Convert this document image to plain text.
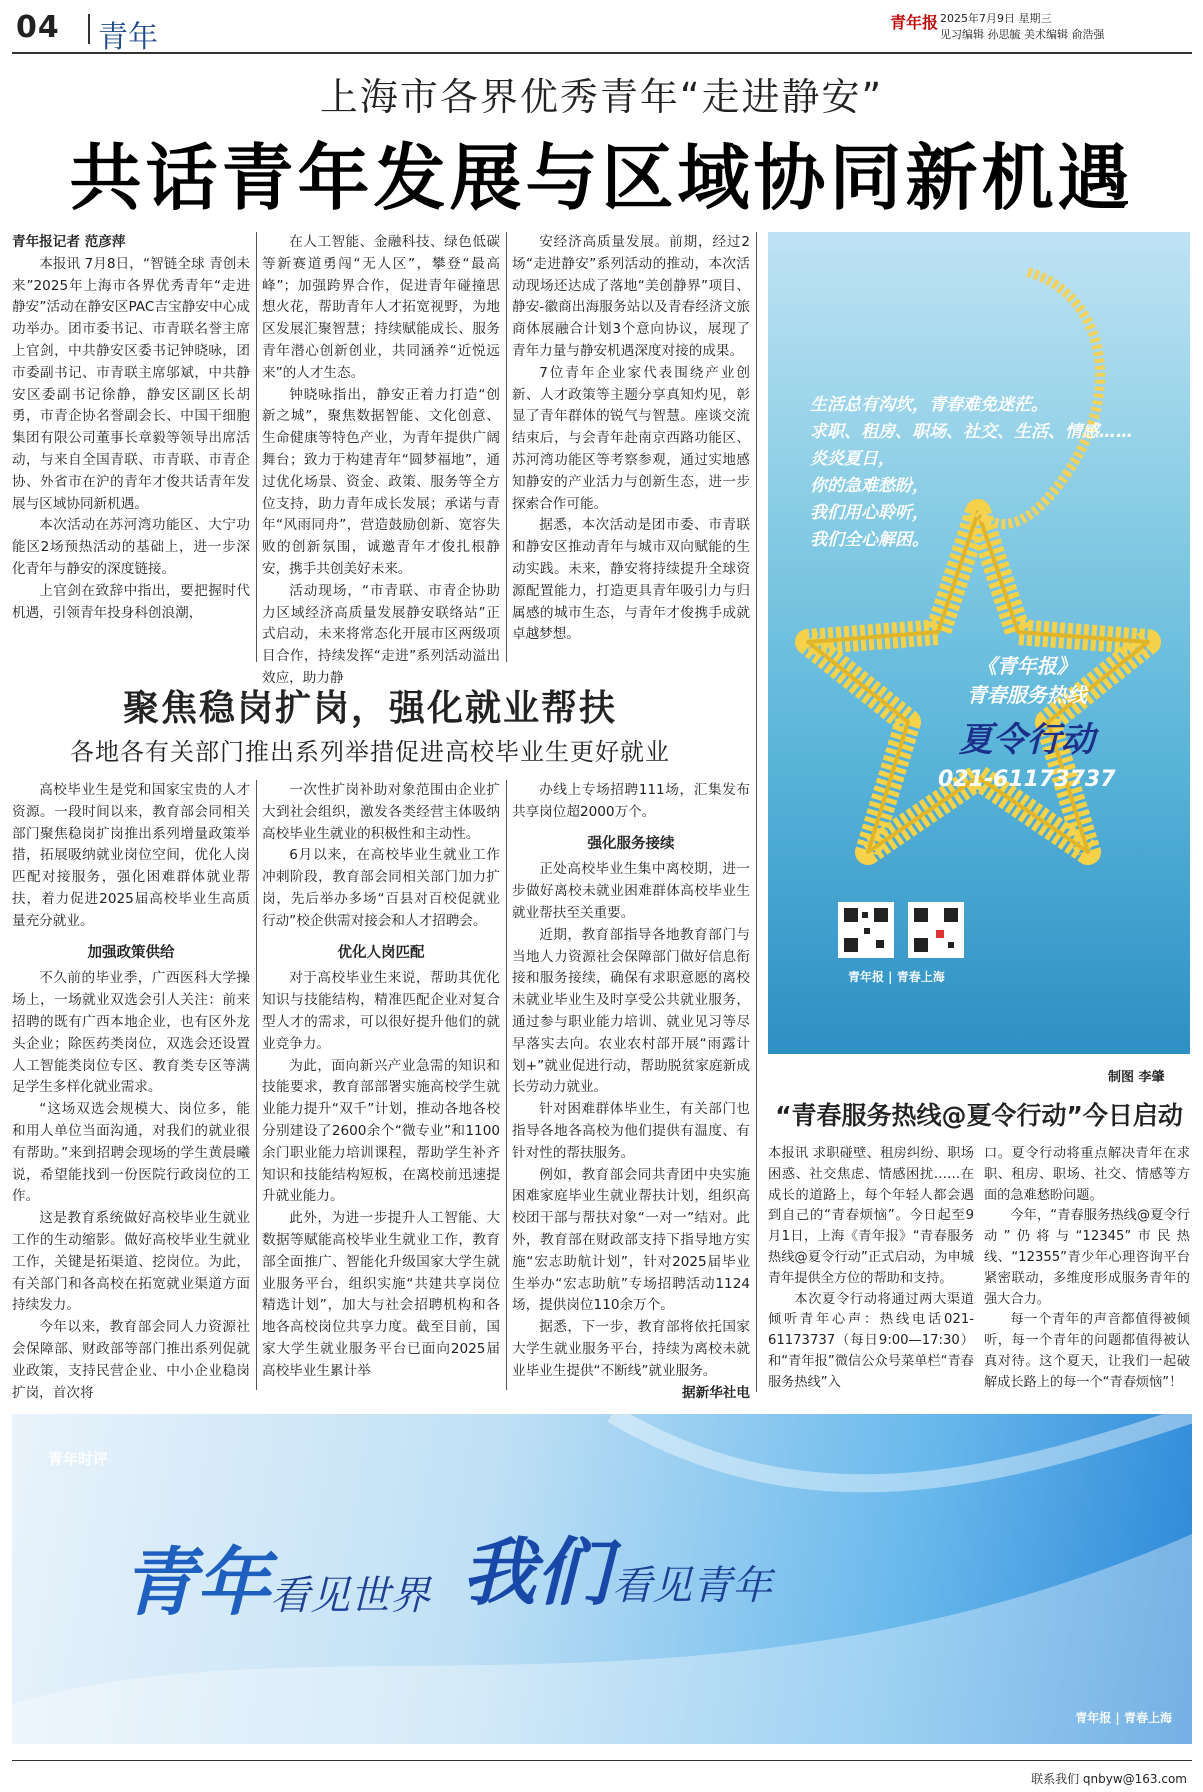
04 青年	青年报 2025年7月9日 星期三
见习编辑 孙思毓 美术编辑 俞浩强
上海市各界优秀青年“走进静安”
共话青年发展与区域协同新机遇

青年报记者 范彦萍

本报讯 7月8日，“智链全球 青创未来”2025年上海市各界优秀青年“走进静安”活动在静安区PAC吉宝静安中心成功举办。团市委书记、市青联名誉主席上官剑，中共静安区委书记钟晓咏，团市委副书记、市青联主席邬斌，中共静安区委副书记徐静，静安区副区长胡勇，市青企协名誉副会长、中国干细胞集团有限公司董事长章毅等领导出席活动，与来自全国青联、市青联、市青企协、外省市在沪的青年才俊共话青年发展与区域协同新机遇。

本次活动在苏河湾功能区、大宁功能区2场预热活动的基础上，进一步深化青年与静安的深度链接。

上官剑在致辞中指出，要把握时代机遇，引领青年投身科创浪潮，

在人工智能、金融科技、绿色低碳等新赛道勇闯“无人区”，攀登“最高峰”；加强跨界合作，促进青年碰撞思想火花，帮助青年人才拓宽视野，为地区发展汇聚智慧；持续赋能成长、服务青年潜心创新创业，共同涵养“近悦远来”的人才生态。

钟晓咏指出，静安正着力打造“创新之城”，聚焦数据智能、文化创意、生命健康等特色产业，为青年提供广阔舞台；致力于构建青年“圆梦福地”，通过优化场景、资金、政策、服务等全方位支持，助力青年成长发展；承诺与青年“风雨同舟”，营造鼓励创新、宽容失败的创新氛围，诚邀青年才俊扎根静安，携手共创美好未来。

活动现场，“市青联、市青企协助力区域经济高质量发展静安联络站”正式启动，未来将常态化开展市区两级项目合作，持续发挥“走进”系列活动溢出效应，助力静

安经济高质量发展。前期，经过2场“走进静安”系列活动的推动，本次活动现场还达成了落地“美创静界”项目、静安-徽商出海服务站以及青春经济文旅商体展融合计划3个意向协议，展现了青年力量与静安机遇深度对接的成果。

7位青年企业家代表围绕产业创新、人才政策等主题分享真知灼见，彰显了青年群体的锐气与智慧。座谈交流结束后，与会青年赴南京西路功能区、苏河湾功能区等考察参观，通过实地感知静安的产业活力与创新生态，进一步探索合作可能。

据悉，本次活动是团市委、市青联和静安区推动青年与城市双向赋能的生动实践。未来，静安将持续提升全球资源配置能力，打造更具青年吸引力与归属感的城市生态，与青年才俊携手成就卓越梦想。

聚焦稳岗扩岗，强化就业帮扶
各地各有关部门推出系列举措促进高校毕业生更好就业

高校毕业生是党和国家宝贵的人才资源。一段时间以来，教育部会同相关部门聚焦稳岗扩岗推出系列增量政策举措，拓展吸纳就业岗位空间，优化人岗匹配对接服务，强化困难群体就业帮扶，着力促进2025届高校毕业生高质量充分就业。

加强政策供给

不久前的毕业季，广西医科大学操场上，一场就业双选会引人关注：前来招聘的既有广西本地企业，也有区外龙头企业；除医药类岗位，双选会还设置人工智能类岗位专区、教育类专区等满足学生多样化就业需求。

“这场双选会规模大、岗位多，能和用人单位当面沟通，对我们的就业很有帮助。”来到招聘会现场的学生黄晨曦说，希望能找到一份医院行政岗位的工作。

这是教育系统做好高校毕业生就业工作的生动缩影。做好高校毕业生就业工作，关键是拓渠道、挖岗位。为此，有关部门和各高校在拓宽就业渠道方面持续发力。

今年以来，教育部会同人力资源社会保障部、财政部等部门推出系列促就业政策，支持民营企业、中小企业稳岗扩岗，首次将

一次性扩岗补助对象范围由企业扩大到社会组织，激发各类经营主体吸纳高校毕业生就业的积极性和主动性。

6月以来，在高校毕业生就业工作冲刺阶段，教育部会同相关部门加力扩岗，先后举办多场“百县对百校促就业行动”校企供需对接会和人才招聘会。

优化人岗匹配

对于高校毕业生来说，帮助其优化知识与技能结构，精准匹配企业对复合型人才的需求，可以很好提升他们的就业竞争力。

为此，面向新兴产业急需的知识和技能要求，教育部部署实施高校学生就业能力提升“双千”计划，推动各地各校分别建设了2600余个“微专业”和1100余门职业能力培训课程，帮助学生补齐知识和技能结构短板，在离校前迅速提升就业能力。

此外，为进一步提升人工智能、大数据等赋能高校毕业生就业工作，教育部全面推广、智能化升级国家大学生就业服务平台，组织实施“共建共享岗位精选计划”，加大与社会招聘机构和各地各高校岗位共享力度。截至目前，国家大学生就业服务平台已面向2025届高校毕业生累计举

办线上专场招聘111场，汇集发布共享岗位超2000万个。

强化服务接续

正处高校毕业生集中离校期，进一步做好离校未就业困难群体高校毕业生就业帮扶至关重要。

近期，教育部指导各地教育部门与当地人力资源社会保障部门做好信息衔接和服务接续，确保有求职意愿的离校未就业毕业生及时享受公共就业服务，通过参与职业能力培训、就业见习等尽早落实去向。农业农村部开展“雨露计划+”就业促进行动，帮助脱贫家庭新成长劳动力就业。

针对困难群体毕业生，有关部门也指导各地各高校为他们提供有温度、有针对性的帮扶服务。

例如，教育部会同共青团中央实施困难家庭毕业生就业帮扶计划，组织高校团干部与帮扶对象“一对一”结对。此外，教育部在财政部支持下指导地方实施“宏志助航计划”，针对2025届毕业生举办“宏志助航”专场招聘活动1124场，提供岗位110余万个。

据悉，下一步，教育部将依托国家大学生就业服务平台，持续为离校未就业毕业生提供“不断线”就业服务。

据新华社电

生活总有沟坎，青春难免迷茫。
求职、租房、职场、社交、生活、情感……
炎炎夏日，
你的急难愁盼，
我们用心聆听，
我们全心解困。
《青年报》
青春服务热线
夏令行动
021-61173737
青年报 | 青春上海
制图 李肇
“青春服务热线@夏令行动”今日启动

本报讯 求职碰壁、租房纠纷、职场困惑、社交焦虑、情感困扰……在成长的道路上，每个年轻人都会遇到自己的“青春烦恼”。今日起至9月1日，上海《青年报》“青春服务热线@夏令行动”正式启动，为申城青年提供全方位的帮助和支持。

本次夏令行动将通过两大渠道倾听青年心声：热线电话021-61173737（每日9:00—17:30）和“青年报”微信公众号菜单栏“青春服务热线”入

口。夏令行动将重点解决青年在求职、租房、职场、社交、情感等方面的急难愁盼问题。

今年，“青春服务热线@夏令行动”仍将与“12345”市民热线、“12355”青少年心理咨询平台紧密联动，多维度形成服务青年的强大合力。

每一个青年的声音都值得被倾听，每一个青年的问题都值得被认真对待。这个夏天，让我们一起破解成长路上的每一个“青春烦恼”！

青年时评
青年 看见世界 我们 看见青年
青年报 | 青春上海
联系我们 qnbyw@163.com
